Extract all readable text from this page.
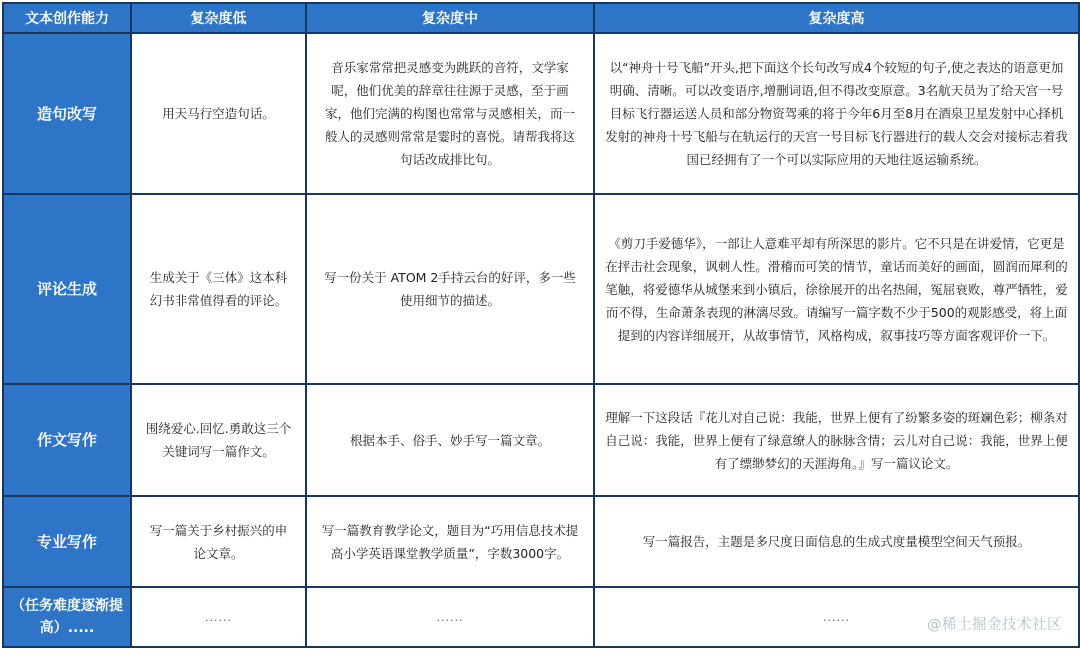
文本创作能力	复杂度低	复杂度中	复杂度高
造句改写	用天马行空造句话。	音乐家常常把灵感变为跳跃的音符，文学家呢，他们优美的辞章往往源于灵感，至于画家，他们完满的构图也常常与灵感相关，而一般人的灵感则常常是霎时的喜悦。请帮我将这句话改成排比句。	以“神舟十号飞船”开头,把下面这个长句改写成4个较短的句子,使之表达的语意更加明确、清晰。可以改变语序,增删词语,但不得改变原意。3名航天员为了给天宫一号目标飞行器运送人员和部分物资驾乘的将于今年6月至8月在酒泉卫星发射中心择机发射的神舟十号飞船与在轨运行的天宫一号目标飞行器进行的载人交会对接标志着我国已经拥有了一个可以实际应用的天地往返运输系统。
评论生成	生成关于《三体》这本科幻书非常值得看的评论。	写一份关于 ATOM 2手持云台的好评，多一些使用细节的描述。	《剪刀手爱德华》，一部让人意难平却有所深思的影片。它不只是在讲爱情，它更是在抨击社会现象，讽刺人性。滑稽而可笑的情节，童话而美好的画面，圆润而犀利的笔触，将爱德华从城堡来到小镇后，徐徐展开的出名热闹，冤屈衰败，尊严牺牲，爱而不得，生命萧条表现的淋漓尽致。请编写一篇字数不少于500的观影感受，将上面提到的内容详细展开，从故事情节，风格构成，叙事技巧等方面客观评价一下。
作文写作	围绕爱心.回忆.勇敢这三个关键词写一篇作文。	根据本手、俗手、妙手写一篇文章。	理解一下这段话『花儿对自己说：我能，世界上便有了纷繁多姿的斑斓色彩；柳条对自己说：我能，世界上便有了绿意缭人的脉脉含情；云儿对自己说：我能，世界上便有了缥缈梦幻的天涯海角。』写一篇议论文。
专业写作	写一篇关于乡村振兴的申论文章。	写一篇教育教学论文，题目为“巧用信息技术提高小学英语课堂教学质量”，字数3000字。	写一篇报告，主题是多尺度日面信息的生成式度量模型空间天气预报。
（任务难度逐渐提高）.....	......	......	......	@稀土掘金技术社区
